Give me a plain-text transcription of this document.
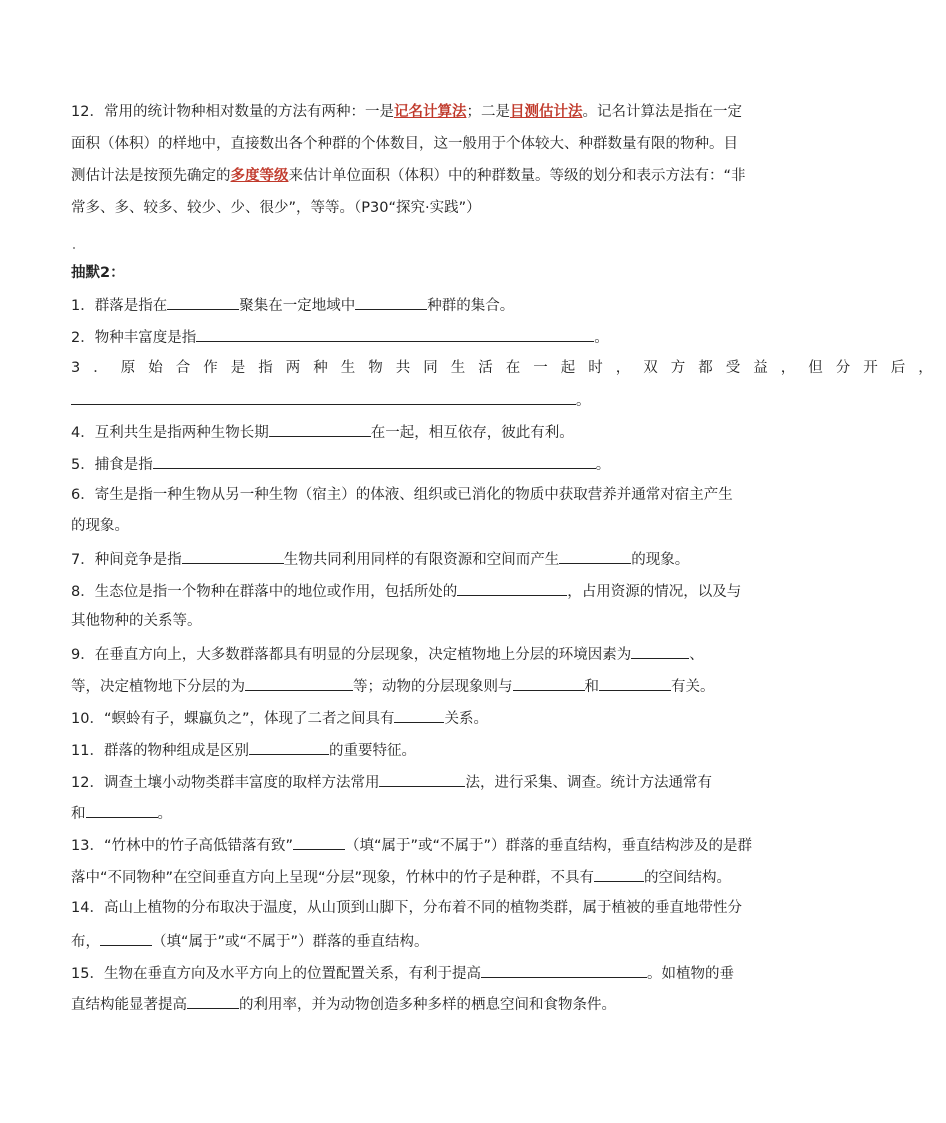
12．常用的统计物种相对数量的方法有两种：一是记名计算法；二是目测估计法。记名计算法是指在一定
面积（体积）的样地中，直接数出各个种群的个体数目，这一般用于个体较大、种群数量有限的物种。目
测估计法是按预先确定的多度等级来估计单位面积（体积）中的种群数量。等级的划分和表示方法有：“非
常多、多、较多、较少、少、很少”，等等。（P30“探究·实践”）
抽默2：
1．群落是指在	聚集在一定地域中	种群的集合。
2．物种丰富度是指	。
3．原始合作是指两种生物共同生活在一起时，双方都受益，但分开后，
。
4．互利共生是指两种生物长期	在一起，相互依存，彼此有利。
5．捕食是指	。
6．寄生是指一种生物从另一种生物（宿主）的体液、组织或已消化的物质中获取营养并通常对宿主产生
的现象。
7．种间竞争是指	生物共同利用同样的有限资源和空间而产生	的现象。
8．生态位是指一个物种在群落中的地位或作用，包括所处的	，占用资源的情况，以及与
其他物种的关系等。
9．在垂直方向上，大多数群落都具有明显的分层现象，决定植物地上分层的环境因素为	、
等，决定植物地下分层的为	等；动物的分层现象则与	和	有关。
10．“螟蛉有子，蜾蠃负之”，体现了二者之间具有	关系。
11．群落的物种组成是区别	的重要特征。
12．调查土壤小动物类群丰富度的取样方法常用	法，进行采集、调查。统计方法通常有
和	。
13．“竹林中的竹子高低错落有致”	（填“属于”或“不属于”）群落的垂直结构，垂直结构涉及的是群
落中“不同物种”在空间垂直方向上呈现“分层”现象，竹林中的竹子是种群，不具有	的空间结构。
14．高山上植物的分布取决于温度，从山顶到山脚下，分布着不同的植物类群，属于植被的垂直地带性分
布，	（填“属于”或“不属于”）群落的垂直结构。
15．生物在垂直方向及水平方向上的位置配置关系，有利于提高	。如植物的垂
直结构能显著提高	的利用率，并为动物创造多种多样的栖息空间和食物条件。
